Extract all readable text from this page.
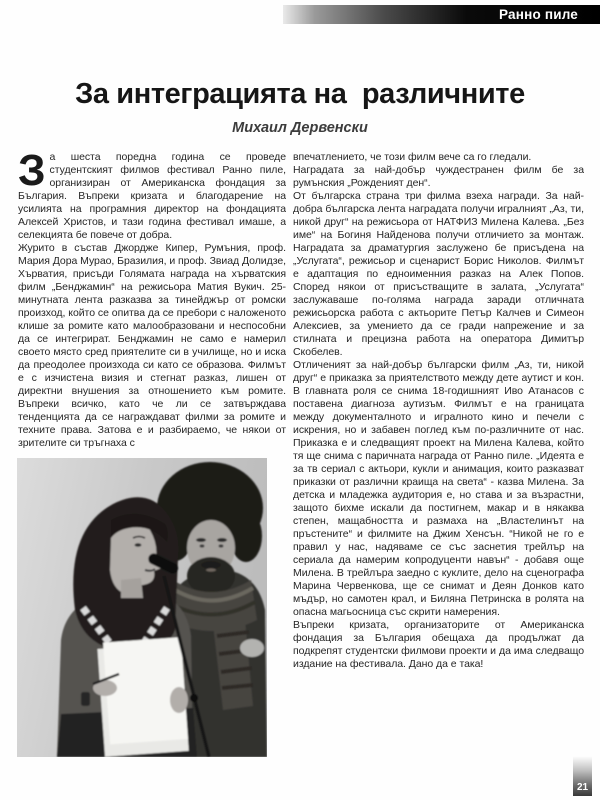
Ранно пиле
За интеграцията на  различните
Михаил Дервенски

За шеста поредна година се проведе студентският филмов фестивал Ранно пиле, организиран от Американска фондация за България. Въпреки кризата и благодарение на усилията на програмния директор на фондацията Алексей Христов, и тази година фестивал имаше, а селекцията бе повече от добра.

Журито в състав Джордже Кипер, Румъния, проф. Мария Дора Мурао, Бразилия, и проф. Звиад Долидзе, Хърватия, присъди Голямата награда на хърватския филм „Бенджамин“ на режисьора Матия Вукич. 25-минутната лента разказва за тинейджър от ромски произход, който се опитва да се пребори с наложеното клише за ромите като малообразовани и неспособни да се интегрират. Бенджамин не само е намерил своето място сред приятелите си в училище, но и иска да преодолее произхода си като се образова. Филмът е с изчистена визия и стегнат разказ, лишен от директни внушения за отношението към ромите. Въпреки всичко, като че ли се затвърждава тенденцията да се награждават филми за ромите и техните права. Затова е и разбираемо, че някои от зрителите си тръгнаха с

впечатлението, че този филм вече са го гледали.

Наградата за най-добър чуждестранен филм бе за румънския „Рожденият ден“.

От българска страна три филма взеха награди. За най-добра българска лента наградата получи игралният „Аз, ти, никой друг“ на режисьора от НАТФИЗ Милена Калева. „Без име“ на Богиня Найденова получи отличието за монтаж. Наградата за драматургия заслужено бе присъдена на „Услугата“, режисьор и сценарист Борис Николов. Филмът е адаптация по едноименния разказ на Алек Попов. Според някои от присъстващите в залата, „Услугата“ заслужаваше по-голяма награда заради отличната режисьорска работа с актьорите Петър Калчев и Симеон Алексиев, за умението да се гради напрежение и за стилната и прецизна работа на оператора Димитър Скобелев.

Отличеният за най-добър български филм „Аз, ти, никой друг“ е приказка за приятелството между дете аутист и кон. В главната роля се снима 18-годишният Иво Атанасов с поставена диагноза аутизъм. Филмът е на границата между документалното и игралното кино и печели с искрения, но и забавен поглед към по-различните от нас. Приказка е и следващият проект на Милена Калева, който тя ще снима с паричната награда от Ранно пиле. „Идеята е за тв сериал с актьори, кукли и анимация, които разказват приказки от различни краища на света“ - казва Милена. За детска и младежка аудитория е, но става и за възрастни, защото бихме искали да постигнем, макар и в някаква степен, мащабността и размаха на „Властелинът на пръстените“ и филмите на Джим Хенсън. “Никой не го е правил у нас, надяваме се със заснетия трейлър на сериала да намерим копродуценти навън“ - добавя още Милена. В трейлъра заедно с куклите, дело на сценографа Марина Червенкова, ще се снимат и Деян Донков като мъдър, но самотен крал, и Биляна Петринска в ролята на опасна магьосница със скрити намерения.

Въпреки кризата, организаторите от Американска фондация за България обещаха да продължат да подкрепят студентски филмови проекти и да има следващо издание на фестивала. Дано да е така!

21
